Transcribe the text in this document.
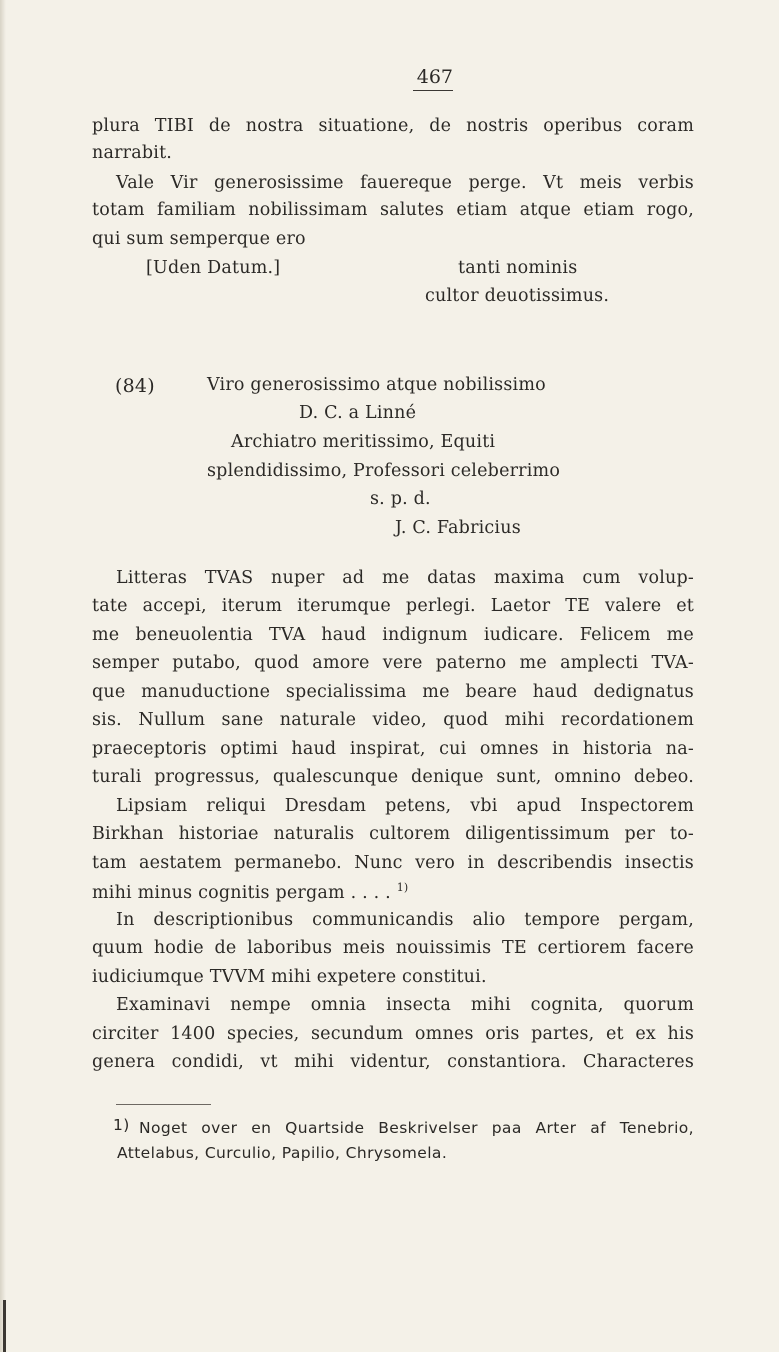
467
plura TIBI de nostra situatione, de nostris operibus coram
narrabit.
Vale Vir generosissime fauereque perge. Vt meis verbis
totam familiam nobilissimam salutes etiam atque etiam rogo,
qui sum semperque ero
[Uden Datum.]	tanti nominis
cultor deuotissimus.
(84)	Viro generosissimo atque nobilissimo
D. C. a Linné
Archiatro meritissimo, Equiti
splendidissimo, Professori celeberrimo
s. p. d.
J. C. Fabricius
Litteras TVAS nuper ad me datas maxima cum volup-
tate accepi, iterum iterumque perlegi. Laetor TE valere et
me beneuolentia TVA haud indignum iudicare. Felicem me
semper putabo, quod amore vere paterno me amplecti TVA-
que manuductione specialissima me beare haud dedignatus
sis. Nullum sane naturale video, quod mihi recordationem
praeceptoris optimi haud inspirat, cui omnes in historia na-
turali progressus, qualescunque denique sunt, omnino debeo.
Lipsiam reliqui Dresdam petens, vbi apud Inspectorem
Birkhan historiae naturalis cultorem diligentissimum per to-
tam aestatem permanebo. Nunc vero in describendis insectis
mihi minus cognitis pergam . . . . $^{1)}$
In descriptionibus communicandis alio tempore pergam,
quum hodie de laboribus meis nouissimis TE certiorem facere
iudiciumque TVVM mihi expetere constitui.
Examinavi nempe omnia insecta mihi cognita, quorum
circiter 1400 species, secundum omnes oris partes, et ex his
genera condidi, vt mihi videntur, constantiora. Characteres
1) Noget over en Quartside Beskrivelser paa Arter af Tenebrio,
Attelabus, Curculio, Papilio, Chrysomela.
